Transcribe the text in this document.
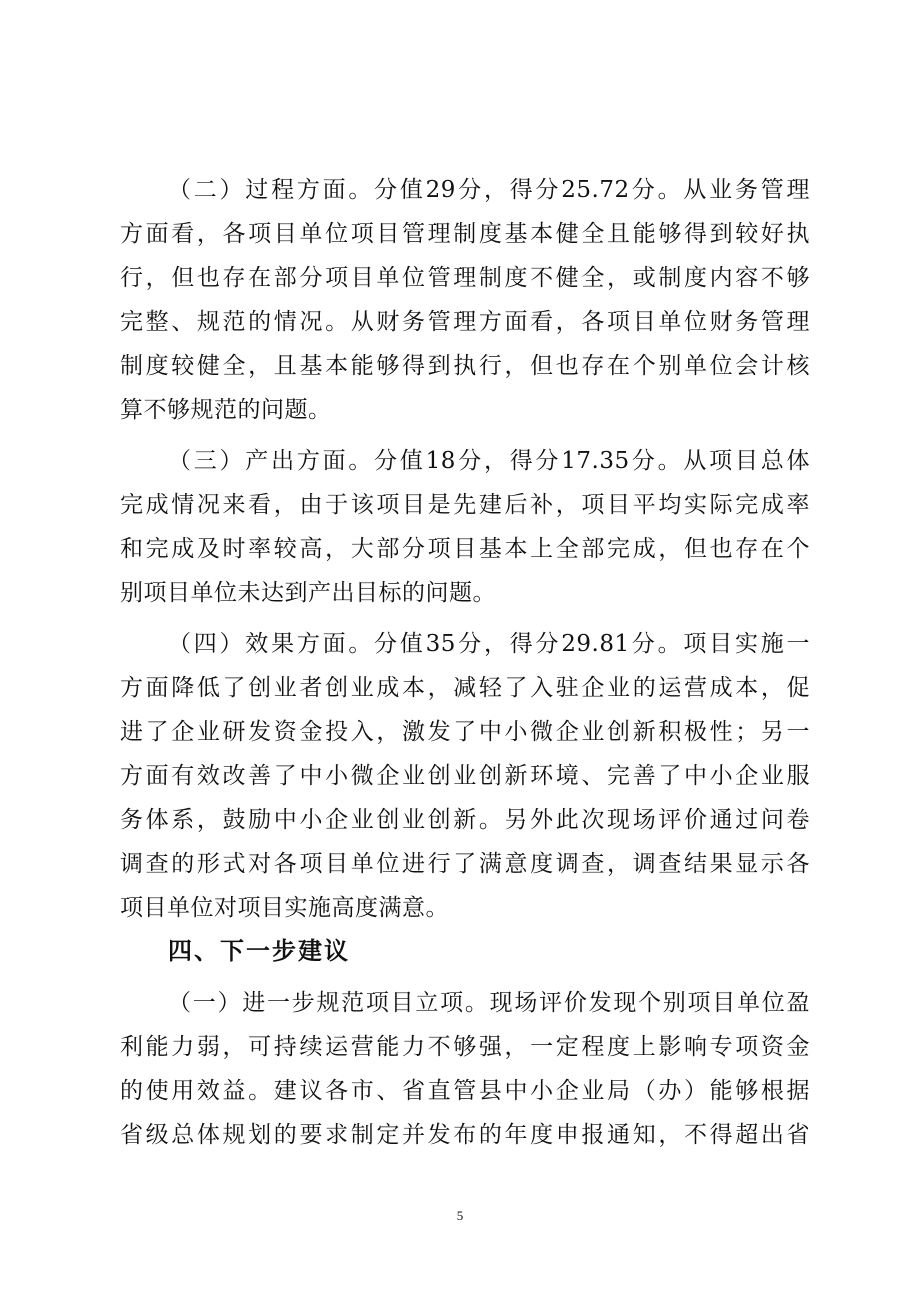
（二）过程方面。分值29分，得分25.72分。从业务管理
方面看，各项目单位项目管理制度基本健全且能够得到较好执
行，但也存在部分项目单位管理制度不健全，或制度内容不够
完整、规范的情况。从财务管理方面看，各项目单位财务管理
制度较健全，且基本能够得到执行，但也存在个别单位会计核
算不够规范的问题。
（三）产出方面。分值18分，得分17.35分。从项目总体
完成情况来看，由于该项目是先建后补，项目平均实际完成率
和完成及时率较高，大部分项目基本上全部完成，但也存在个
别项目单位未达到产出目标的问题。
（四）效果方面。分值35分，得分29.81分。项目实施一
方面降低了创业者创业成本，减轻了入驻企业的运营成本，促
进了企业研发资金投入，激发了中小微企业创新积极性；另一
方面有效改善了中小微企业创业创新环境、完善了中小企业服
务体系，鼓励中小企业创业创新。另外此次现场评价通过问卷
调查的形式对各项目单位进行了满意度调查，调查结果显示各
项目单位对项目实施高度满意。
四、下一步建议
（一）进一步规范项目立项。现场评价发现个别项目单位盈
利能力弱，可持续运营能力不够强，一定程度上影响专项资金
的使用效益。建议各市、省直管县中小企业局（办）能够根据
省级总体规划的要求制定并发布的年度申报通知，不得超出省
5
